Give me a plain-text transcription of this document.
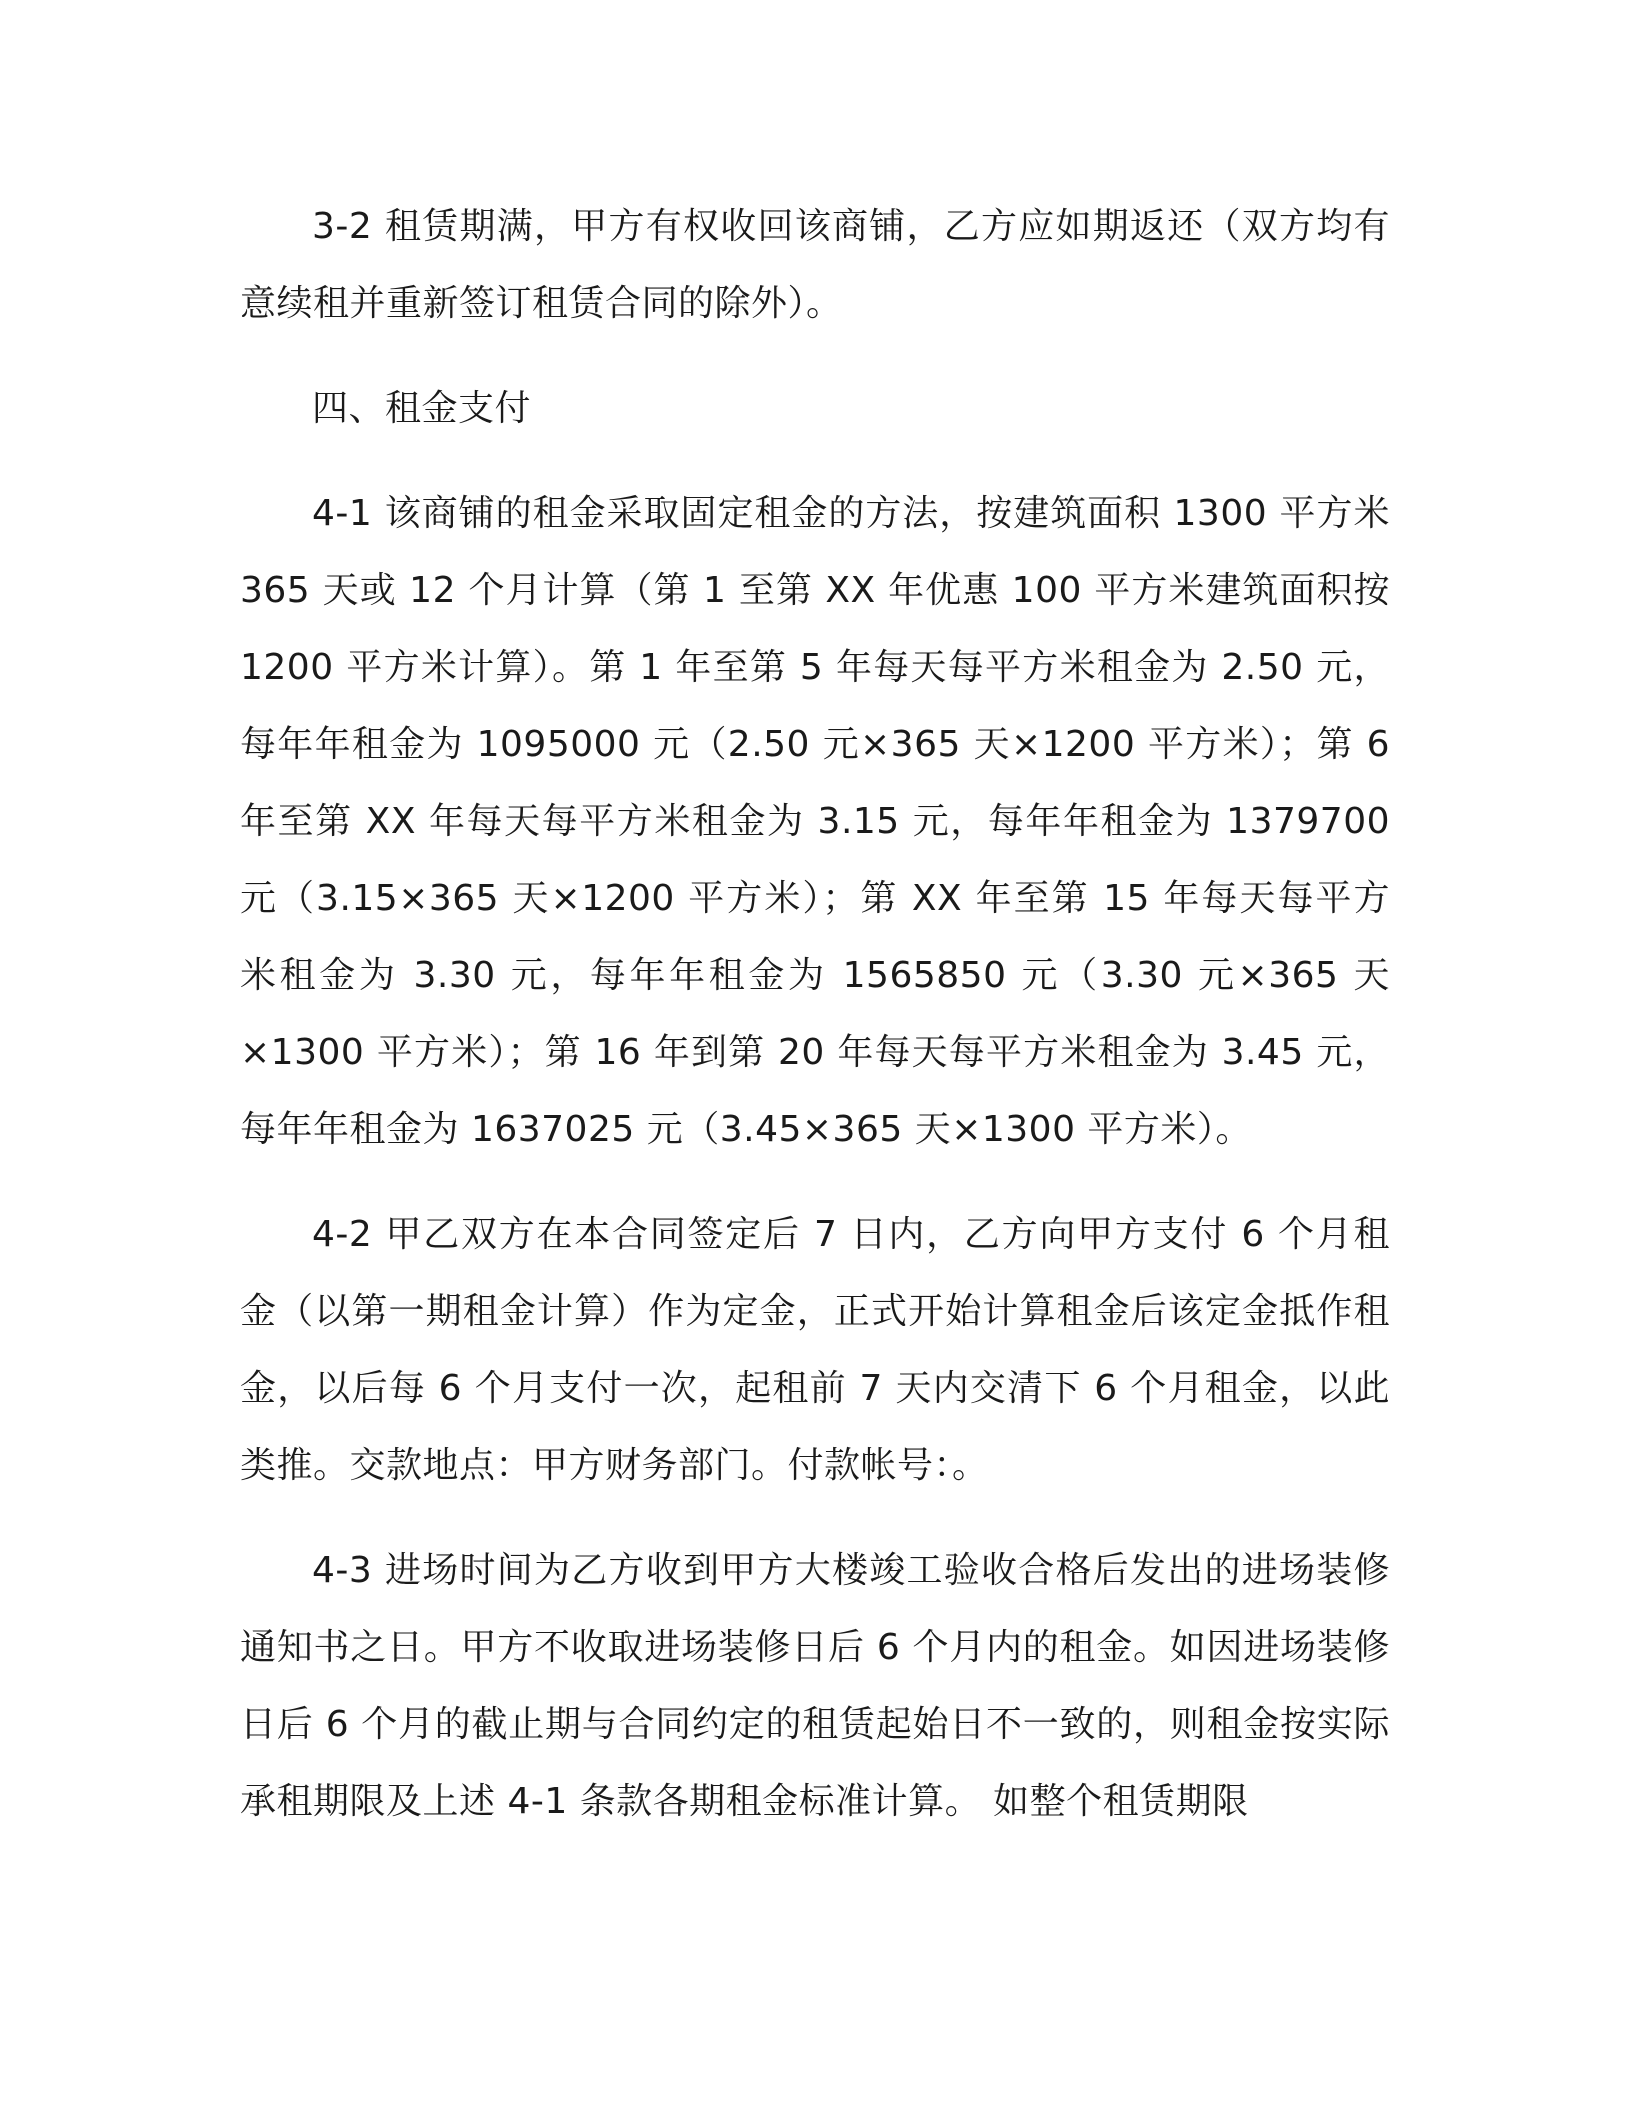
3-2 租赁期满，甲方有权收回该商铺，乙方应如期返还（双方均有意续租并重新签订租赁合同的除外）。

四、租金支付

4-1 该商铺的租金采取固定租金的方法，按建筑面积 1300 平方米 365 天或 12 个月计算（第 1 至第 XX 年优惠 100 平方米建筑面积按 1200 平方米计算）。第 1 年至第 5 年每天每平方米租金为 2.50 元，每年年租金为 1095000 元（2.50 元×365 天×1200 平方米）；第 6 年至第 XX 年每天每平方米租金为 3.15 元，每年年租金为 1379700 元（3.15×365 天×1200 平方米）；第 XX 年至第 15 年每天每平方米租金为 3.30 元，每年年租金为 1565850 元（3.30 元×365 天×1300 平方米）；第 16 年到第 20 年每天每平方米租金为 3.45 元，每年年租金为 1637025 元（3.45×365 天×1300 平方米）。

4-2 甲乙双方在本合同签定后 7 日内，乙方向甲方支付 6 个月租金（以第一期租金计算）作为定金，正式开始计算租金后该定金抵作租金，以后每 6 个月支付一次，起租前 7 天内交清下 6 个月租金，以此类推。交款地点：甲方财务部门。付款帐号：。

4-3 进场时间为乙方收到甲方大楼竣工验收合格后发出的进场装修通知书之日。甲方不收取进场装修日后 6 个月内的租金。如因进场装修日后 6 个月的截止期与合同约定的租赁起始日不一致的，则租金按实际承租期限及上述 4-1 条款各期租金标准计算。 如整个租赁期限
